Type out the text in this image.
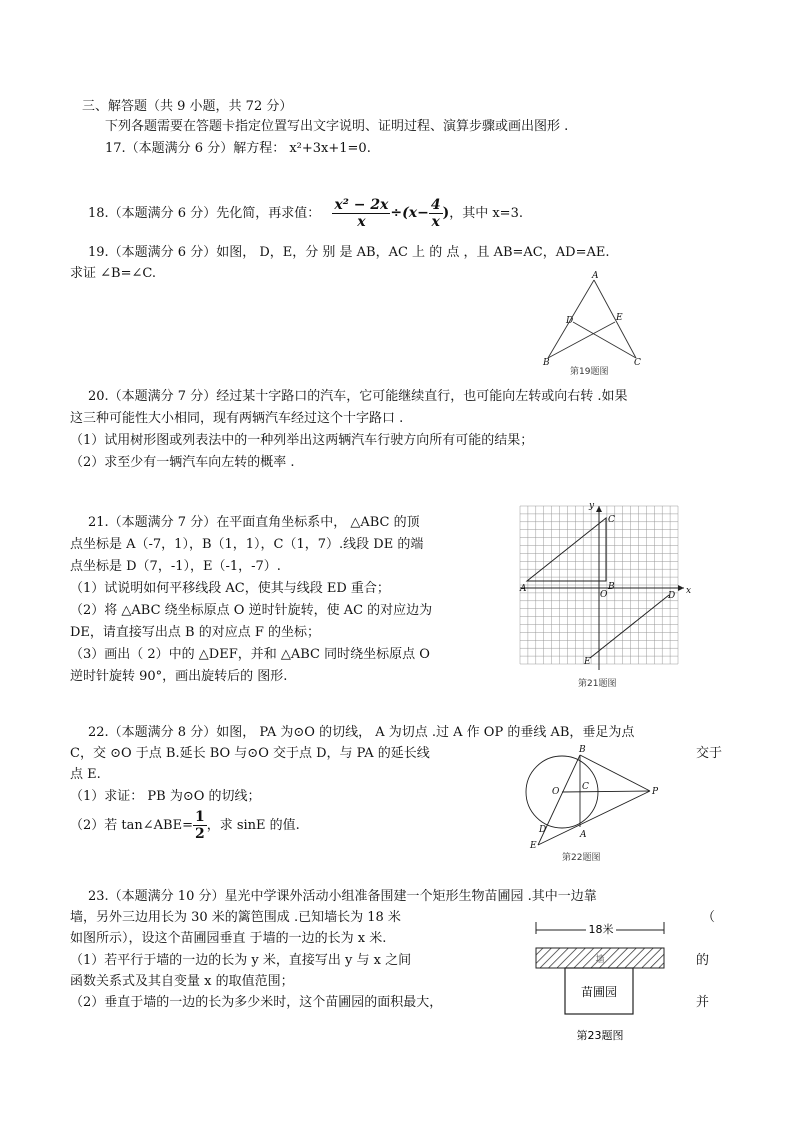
三、解答题（共 9 小题，共 72 分）
下列各题需要在答题卡指定位置写出文字说明、证明过程、演算步骤或画出图形 .
17.（本题满分 6 分）解方程： x²+3x+1=0.
18.（本题满分 6 分）先化简，再求值： $\frac{\text{x² − 2x}}{x} \div(x- \frac{4}{x}$ )，其中 x=3.
19.（本题满分 6 分）如图， D，E，分 别 是 AB，AC 上 的 点 ，且 AB=AC，AD=AE.
求证 ∠B=∠C.	A
B	C
D	E
第19题图
20.（本题满分 7 分）经过某十字路口的汽车，它可能继续直行，也可能向左转或向右转 .如果
这三种可能性大小相同，现有两辆汽车经过这个十字路口 .
（1）试用树形图或列表法中的一种列举出这两辆汽车行驶方向所有可能的结果；
（2）求至少有一辆汽车向左转的概率 .
21.（本题满分 7 分）在平面直角坐标系中， △ABC 的顶
点坐标是 A（-7，1），B（1，1），C（1，7）.线段 DE 的端
点坐标是 D（7，-1），E（-1，-7）.
（1）试说明如何平移线段 AC，使其与线段 ED 重合；
（2）将 △ABC 绕坐标原点 O 逆时针旋转，使 AC 的对应边为
DE，请直接写出点 B 的对应点 F 的坐标；
（3）画出（ 2）中的 △DEF，并和 △ABC 同时绕坐标原点 O
逆时针旋转 90°，画出旋转后的 图形.
x
y
O
A	B
C
D
E
第21题图
22.（本题满分 8 分）如图， PA 为⊙O 的切线， A 为切点 .过 A 作 OP 的垂线 AB，垂足为点
C，交 ⊙O 于点 B.延长 BO 与⊙O 交于点 D，与 PA 的延长线	交于
点 E.
（1）求证： PB 为⊙O 的切线；
（2）若 tan∠ABE= $\frac{1}{2}$ ，求 sinE 的值.
B
O	C	P
A
D
E
第22题图
23.（本题满分 10 分）星光中学课外活动小组准备围建一个矩形生物苗圃园 .其中一边靠
墙，另外三边用长为 30 米的篱笆围成 .已知墙长为 18 米	（
如图所示），设这个苗圃园垂直 于墙的一边的长为 x 米.
（1）若平行于墙的一边的长为 y 米，直接写出 y 与 x 之间	的
函数关系式及其自变量 x 的取值范围；
（2）垂直于墙的一边的长为多少米时，这个苗圃园的面积最大，	并
18米
墙
苗圃园
第23题图
